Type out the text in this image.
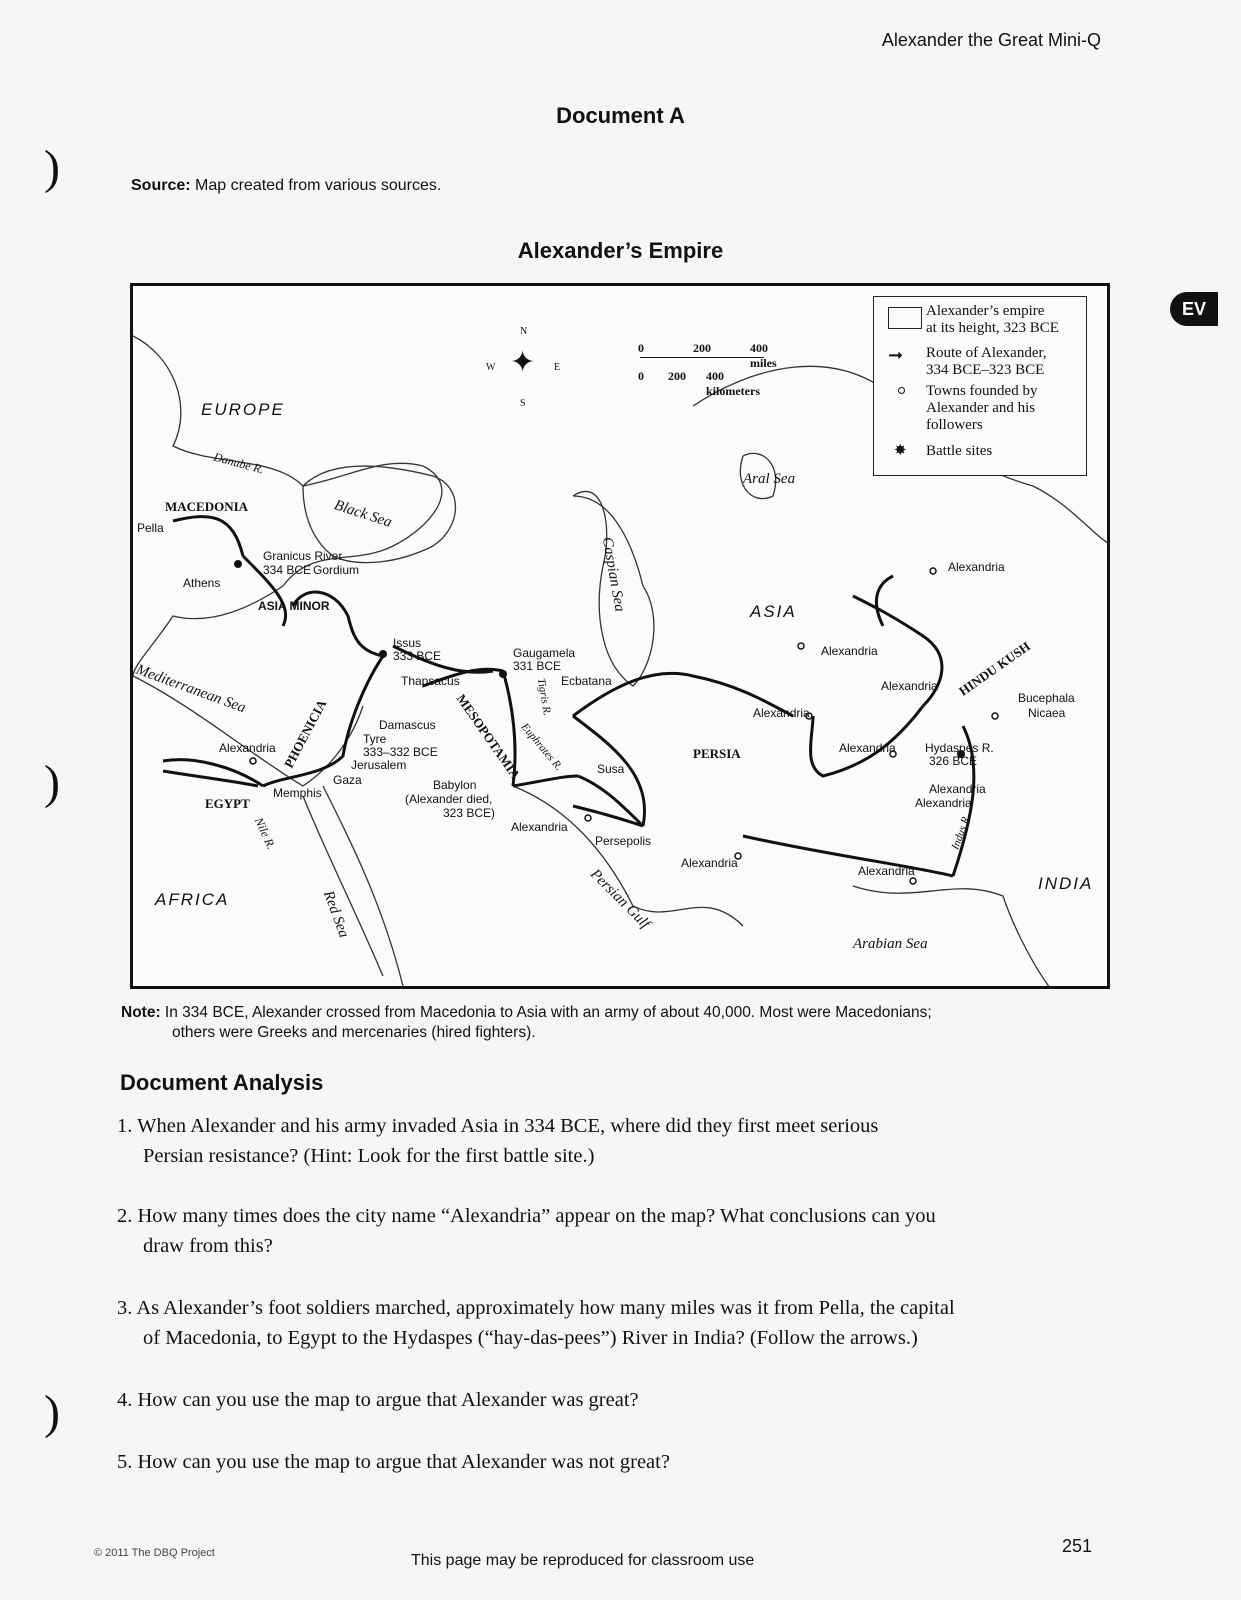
Alexander the Great Mini-Q
)
)
)
Document A
Source: Map created from various sources.
Alexander’s Empire
EV
N
W	E
S
✦	0	200	400 miles
0 200 400 kilometers
Alexander’s empire
at its height, 323 BCE
➞ Route of Alexander,
334 BCE–323 BCE
Towns founded by
Alexander and his
followers
✸ Battle sites
EUROPE
ASIA
AFRICA
INDIA
ASIA MINOR
MACEDONIA
EGYPT
PERSIA
PHOENICIA	MESOPOTAMIA
HINDU KUSH
Black Sea
Mediterranean Sea
Caspian Sea
Aral Sea
Red Sea	Persian Gulf
Arabian Sea
Danube R.
Nile R.
Tigris R.
Euphrates R.
Indus R.
Pella
Athens
Granicus River
334 BCE Gordium
Issus
333 BCE
Thapsacus
Gaugamela
331 BCE
Damascus
Tyre
333–332 BCE
Jerusalem
Gaza
Memphis
Alexandria
Babylon
(Alexander died,
323 BCE)
Alexandria
Susa
Ecbatana
Persepolis
Alexandria
Alexandria
Alexandria
Alexandria
Alexandria
Alexandria
Alexandria
Alexandria
Alexandria
Bucephala
Nicaea
Hydaspes R.
326 BCE
Note: In 334 BCE, Alexander crossed from Macedonia to Asia with an army of about 40,000. Most were Macedonians;
others were Greeks and mercenaries (hired fighters).
Document Analysis
1. When Alexander and his army invaded Asia in 334 BCE, where did they first meet serious
Persian resistance? (Hint: Look for the first battle site.)
2. How many times does the city name “Alexandria” appear on the map? What conclusions can you
draw from this?
3. As Alexander’s foot soldiers marched, approximately how many miles was it from Pella, the capital
of Macedonia, to Egypt to the Hydaspes (“hay-das-pees”) River in India? (Follow the arrows.)
4. How can you use the map to argue that Alexander was great?
5. How can you use the map to argue that Alexander was not great?
© 2011 The DBQ Project	This page may be reproduced for classroom use
251
